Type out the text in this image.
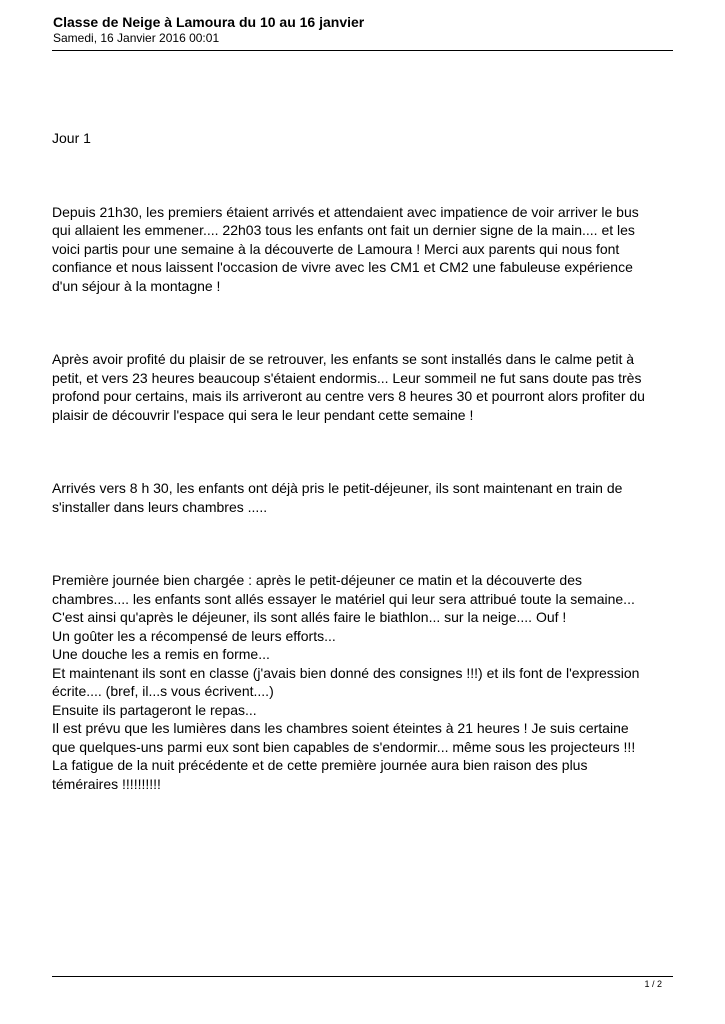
Classe de Neige à Lamoura du 10 au 16 janvier

Samedi, 16 Janvier 2016 00:01

Jour 1

Depuis 21h30, les premiers étaient arrivés et attendaient avec impatience de voir arriver le bus
qui allaient les emmener.... 22h03 tous les enfants ont fait un dernier signe de la main.... et les
voici partis pour une semaine à la découverte de Lamoura ! Merci aux parents qui nous font
confiance et nous laissent l'occasion de vivre avec les CM1 et CM2 une fabuleuse expérience
d'un séjour à la montagne !

Après avoir profité du plaisir de se retrouver, les enfants se sont installés dans le calme petit à
petit, et vers 23 heures beaucoup s'étaient endormis... Leur sommeil ne fut sans doute pas très
profond pour certains, mais ils arriveront au centre vers 8 heures 30 et pourront alors profiter du
plaisir de découvrir l'espace qui sera le leur pendant cette semaine !

Arrivés vers 8 h 30, les enfants ont déjà pris le petit-déjeuner, ils sont maintenant en train de
s'installer dans leurs chambres .....

Première journée bien chargée : après le petit-déjeuner ce matin et la découverte des
chambres.... les enfants sont allés essayer le matériel qui leur sera attribué toute la semaine...
C'est ainsi qu'après le déjeuner, ils sont allés faire le biathlon... sur la neige.... Ouf !
Un goûter les a récompensé de leurs efforts...
Une douche les a remis en forme...
Et maintenant ils sont en classe (j'avais bien donné des consignes !!!) et ils font de l'expression
écrite.... (bref, il...s vous écrivent....)
Ensuite ils partageront le repas...
Il est prévu que les lumières dans les chambres soient éteintes à 21 heures ! Je suis certaine
que quelques-uns parmi eux sont bien capables de s'endormir... même sous les projecteurs !!!
La fatigue de la nuit précédente et de cette première journée aura bien raison des plus
téméraires !!!!!!!!!!

1 / 2
